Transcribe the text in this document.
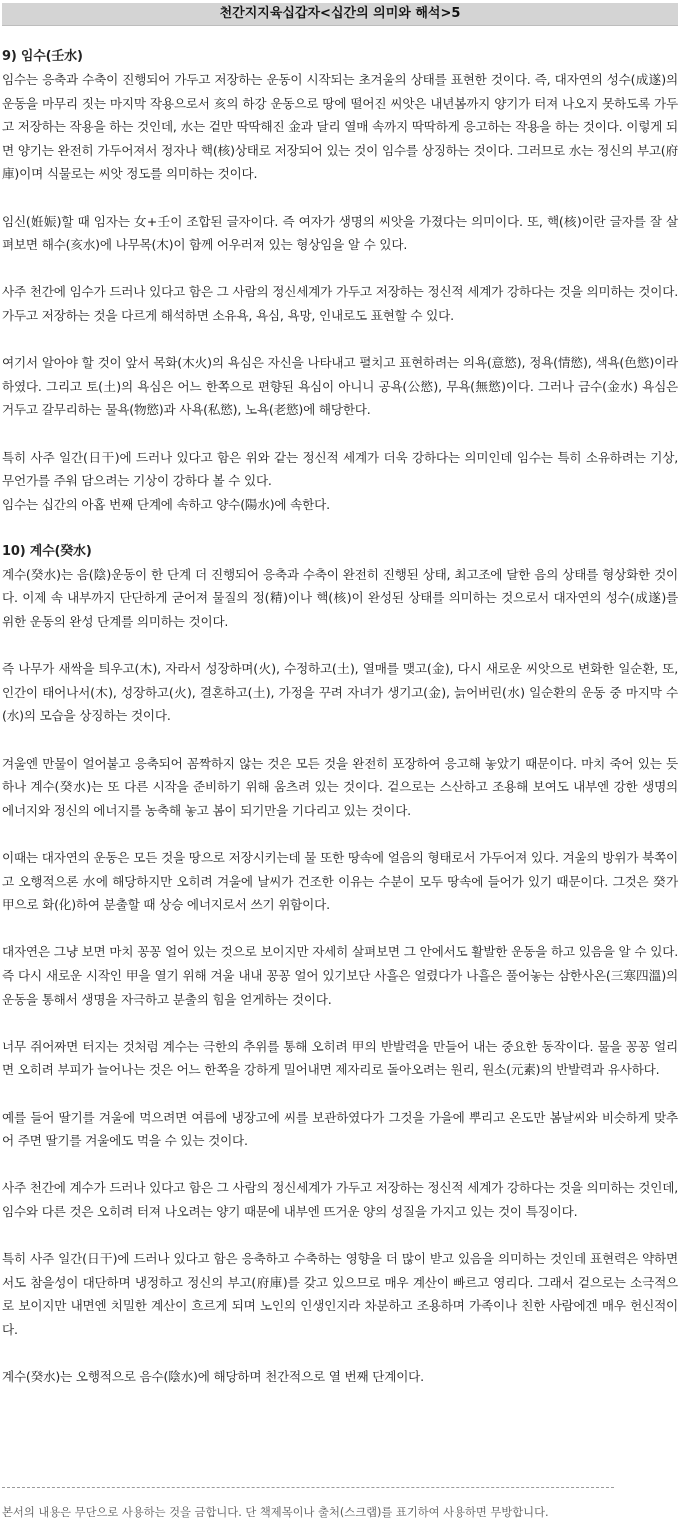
천간지지육십갑자<십간의 의미와 해석>5
9) 임수(壬水)

임수는 응축과 수축이 진행되어 가두고 저장하는 운동이 시작되는 초겨울의 상태를 표현한 것이다. 즉, 대자연의 성수(成遂)의 운동을 마무리 짓는 마지막 작용으로서 亥의 하강 운동으로 땅에 떨어진 씨앗은 내년봄까지 양기가 터져 나오지 못하도록 가두고 저장하는 작용을 하는 것인데, 水는 겉만 딱딱해진 金과 달리 열매 속까지 딱딱하게 응고하는 작용을 하는 것이다. 이렇게 되면 양기는 완전히 가두어져서 정자나 핵(核)상태로 저장되어 있는 것이 임수를 상징하는 것이다. 그러므로 水는 정신의 부고(府庫)이며 식물로는 씨앗 정도를 의미하는 것이다.

임신(姙娠)할 때 임자는 女+壬이 조합된 글자이다. 즉 여자가 생명의 씨앗을 가졌다는 의미이다. 또, 핵(核)이란 글자를 잘 살펴보면 해수(亥水)에 나무목(木)이 함께 어우러져 있는 형상임을 알 수 있다.

사주 천간에 임수가 드러나 있다고 함은 그 사람의 정신세계가 가두고 저장하는 정신적 세계가 강하다는 것을 의미하는 것이다. 가두고 저장하는 것을 다르게 해석하면 소유욕, 욕심, 욕망, 인내로도 표현할 수 있다.

여기서 알아야 할 것이 앞서 목화(木火)의 욕심은 자신을 나타내고 펼치고 표현하려는 의욕(意慾), 정욕(情慾), 색욕(色慾)이라 하였다. 그리고 토(土)의 욕심은 어느 한쪽으로 편향된 욕심이 아니니 공욕(公慾), 무욕(無慾)이다. 그러나 금수(金水) 욕심은 거두고 갈무리하는 물욕(物慾)과 사욕(私慾), 노욕(老慾)에 해당한다.

특히 사주 일간(日干)에 드러나 있다고 함은 위와 같는 정신적 세계가 더욱 강하다는 의미인데 임수는 특히 소유하려는 기상, 무언가를 주워 담으려는 기상이 강하다 볼 수 있다.
임수는 십간의 아홉 번째 단계에 속하고 양수(陽水)에 속한다.

10) 계수(癸水)

계수(癸水)는 음(陰)운동이 한 단계 더 진행되어 응축과 수축이 완전히 진행된 상태, 최고조에 달한 음의 상태를 형상화한 것이다. 이제 속 내부까지 단단하게 굳어져 물질의 정(精)이나 핵(核)이 완성된 상태를 의미하는 것으로서 대자연의 성수(成遂)를 위한 운동의 완성 단계를 의미하는 것이다.

즉 나무가 새싹을 틔우고(木), 자라서 성장하며(火), 수정하고(土), 열매를 맺고(金), 다시 새로운 씨앗으로 변화한 일순환, 또, 인간이 태어나서(木), 성장하고(火), 결혼하고(土), 가정을 꾸려 자녀가 생기고(金), 늙어버린(水) 일순환의 운동 중 마지막 수(水)의 모습을 상징하는 것이다.

겨울엔 만물이 얼어붙고 응축되어 꼼짝하지 않는 것은 모든 것을 완전히 포장하여 응고해 놓았기 때문이다. 마치 죽어 있는 듯하나 계수(癸水)는 또 다른 시작을 준비하기 위해 움츠려 있는 것이다. 겉으로는 스산하고 조용해 보여도 내부엔 강한 생명의 에너지와 정신의 에너지를 농축해 놓고 봄이 되기만을 기다리고 있는 것이다.

이때는 대자연의 운동은 모든 것을 땅으로 저장시키는데 물 또한 땅속에 얼음의 형태로서 가두어져 있다. 겨울의 방위가 북쪽이고 오행적으론 水에 해당하지만 오히려 겨울에 날씨가 건조한 이유는 수분이 모두 땅속에 들어가 있기 때문이다. 그것은 癸가 甲으로 화(化)하여 분출할 때 상승 에너지로서 쓰기 위함이다.

대자연은 그냥 보면 마치 꽁꽁 얼어 있는 것으로 보이지만 자세히 살펴보면 그 안에서도 활발한 운동을 하고 있음을 알 수 있다. 즉 다시 새로운 시작인 甲을 열기 위해 겨울 내내 꽁꽁 얼어 있기보단 사흘은 얼렸다가 나흘은 풀어놓는 삼한사온(三寒四溫)의 운동을 통해서 생명을 자극하고 분출의 힘을 얻게하는 것이다.

너무 쥐어짜면 터지는 것처럼 계수는 극한의 추위를 통해 오히려 甲의 반발력을 만들어 내는 중요한 동작이다. 물을 꽁꽁 얼리면 오히려 부피가 늘어나는 것은 어느 한쪽을 강하게 밀어내면 제자리로 돌아오려는 원리, 원소(元素)의 반발력과 유사하다.

예를 들어 딸기를 겨울에 먹으려면 여름에 냉장고에 씨를 보관하였다가 그것을 가을에 뿌리고 온도만 봄날씨와 비슷하게 맞추어 주면 딸기를 겨울에도 먹을 수 있는 것이다.

사주 천간에 계수가 드러나 있다고 함은 그 사람의 정신세계가 가두고 저장하는 정신적 세계가 강하다는 것을 의미하는 것인데, 임수와 다른 것은 오히려 터져 나오려는 양기 때문에 내부엔 뜨거운 양의 성질을 가지고 있는 것이 특징이다.

특히 사주 일간(日干)에 드러나 있다고 함은 응축하고 수축하는 영향을 더 많이 받고 있음을 의미하는 것인데 표현력은 약하면서도 참을성이 대단하며 냉정하고 정신의 부고(府庫)를 갖고 있으므로 매우 계산이 빠르고 영리다. 그래서 겉으로는 소극적으로 보이지만 내면엔 치밀한 계산이 흐르게 되며 노인의 인생인지라 차분하고 조용하며 가족이나 친한 사람에겐 매우 헌신적이다.

계수(癸水)는 오행적으로 음수(陰水)에 해당하며 천간적으로 열 번째 단계이다.

본서의 내용은 무단으로 사용하는 것을 금합니다. 단 책제목이나 출처(스크랩)를 표기하여 사용하면 무방합니다.
